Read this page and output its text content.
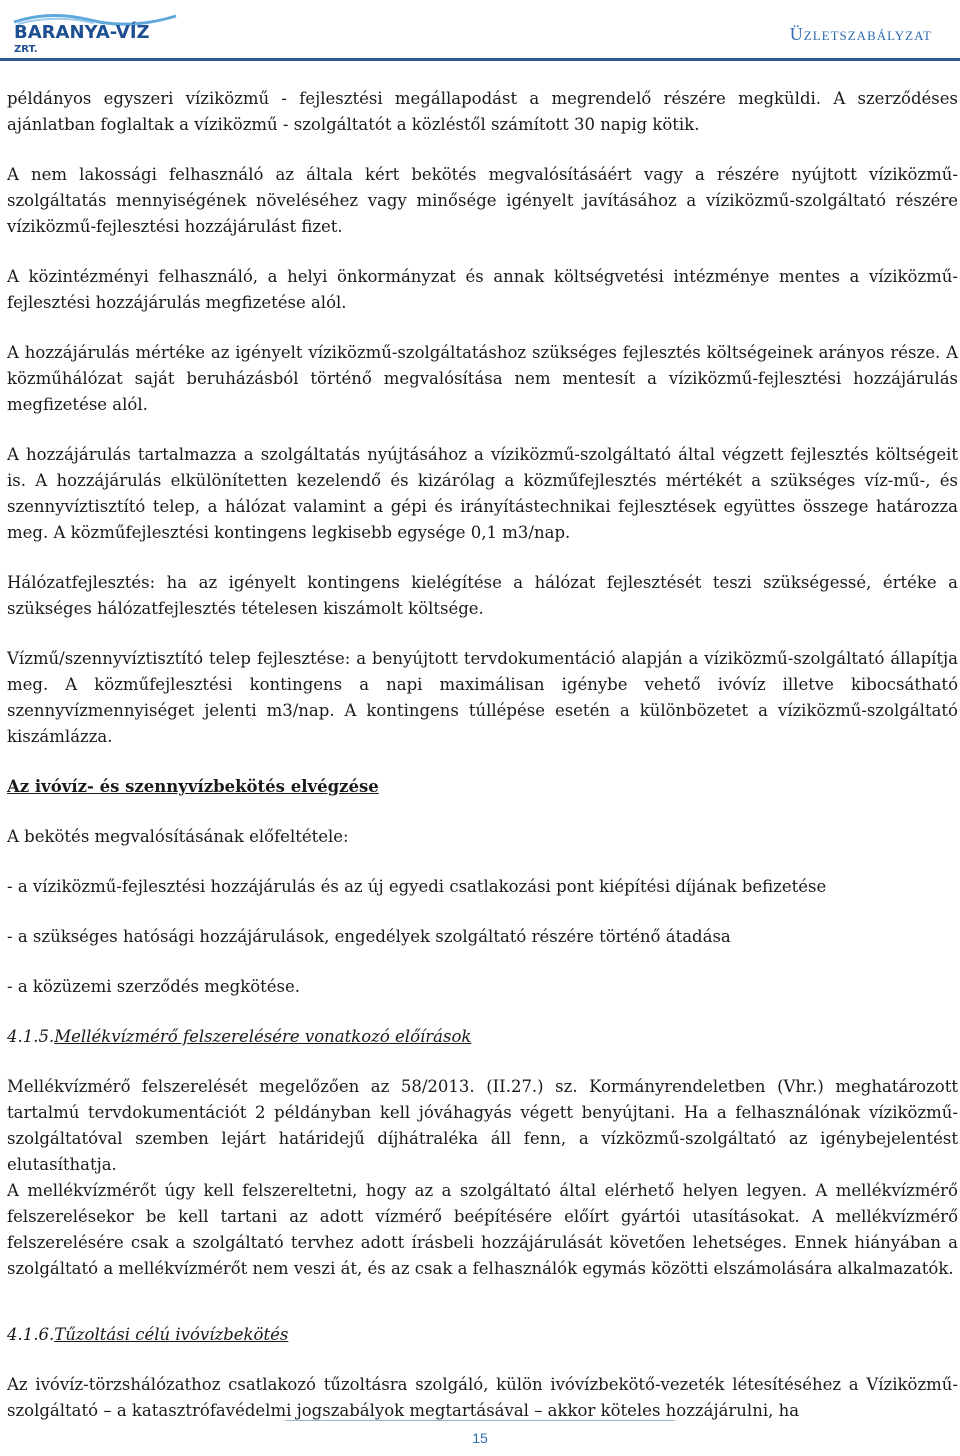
BARANYA-VÍZ
ZRT.
Üzletszabályzat

példányos egyszeri víziközmű - fejlesztési megállapodást a megrendelő részére megküldi. A szerződéses ajánlatban foglaltak a víziközmű - szolgáltatót a közléstől számított 30 napig kötik.

A nem lakossági felhasználó az általa kért bekötés megvalósításáért vagy a részére nyújtott víziközmű-szolgáltatás mennyiségének növeléséhez vagy minősége igényelt javításához a víziközmű-szolgáltató részére víziközmű-fejlesztési hozzájárulást fizet.

A közintézményi felhasználó, a helyi önkormányzat és annak költségvetési intézménye mentes a víziközmű-fejlesztési hozzájárulás megfizetése alól.

A hozzájárulás mértéke az igényelt víziközmű-szolgáltatáshoz szükséges fejlesztés költségeinek arányos része. A közműhálózat saját beruházásból történő megvalósítása nem mentesít a víziközmű-fejlesztési hozzájárulás megfizetése alól.

A hozzájárulás tartalmazza a szolgáltatás nyújtásához a víziközmű-szolgáltató által végzett fejlesztés költségeit is. A hozzájárulás elkülönítetten kezelendő és kizárólag a közműfejlesztés mértékét a szükséges víz-mű-, és szennyvíztisztító telep, a hálózat valamint a gépi és irányítástechnikai fejlesztések együttes összege határozza meg. A közműfejlesztési kontingens legkisebb egysége 0,1 m3/nap.

Hálózatfejlesztés: ha az igényelt kontingens kielégítése a hálózat fejlesztését teszi szükségessé, értéke a szükséges hálózatfejlesztés tételesen kiszámolt költsége.

Vízmű/szennyvíztisztító telep fejlesztése: a benyújtott tervdokumentáció alapján a víziközmű-szolgáltató állapítja meg. A közműfejlesztési kontingens a napi maximálisan igénybe vehető ivóvíz illetve kibocsátható szennyvízmennyiséget jelenti m3/nap. A kontingens túllépése esetén a különbözetet a víziközmű-szolgáltató kiszámlázza.

Az ivóvíz- és szennyvízbekötés elvégzése

A bekötés megvalósításának előfeltétele:

- a víziközmű-fejlesztési hozzájárulás és az új egyedi csatlakozási pont kiépítési díjának befizetése

- a szükséges hatósági hozzájárulások, engedélyek szolgáltató részére történő átadása

- a közüzemi szerződés megkötése.

4.1.5.Mellékvízmérő felszerelésére vonatkozó előírások

Mellékvízmérő felszerelését megelőzően az 58/2013. (II.27.) sz. Kormányrendeletben (Vhr.) meghatározott tartalmú tervdokumentációt 2 példányban kell jóváhagyás végett benyújtani. Ha a felhasználónak víziközmű-szolgáltatóval szemben lejárt határidejű díjhátraléka áll fenn, a vízközmű-szolgáltató az igénybejelentést elutasíthatja.

A mellékvízmérőt úgy kell felszereltetni, hogy az a szolgáltató által elérhető helyen legyen. A mellékvízmérő felszerelésekor be kell tartani az adott vízmérő beépítésére előírt gyártói utasításokat. A mellékvízmérő felszerelésére csak a szolgáltató tervhez adott írásbeli hozzájárulását követően lehetséges. Ennek hiányában a szolgáltató a mellékvízmérőt nem veszi át, és az csak a felhasználók egymás közötti elszámolására alkalmazatók.

4.1.6.Tűzoltási célú ivóvízbekötés

Az ivóvíz-törzshálózathoz csatlakozó tűzoltásra szolgáló, külön ivóvízbekötő-vezeték létesítéséhez a Víziközmű-szolgáltató – a katasztrófavédelmi jogszabályok megtartásával – akkor köteles hozzájárulni, ha

15
